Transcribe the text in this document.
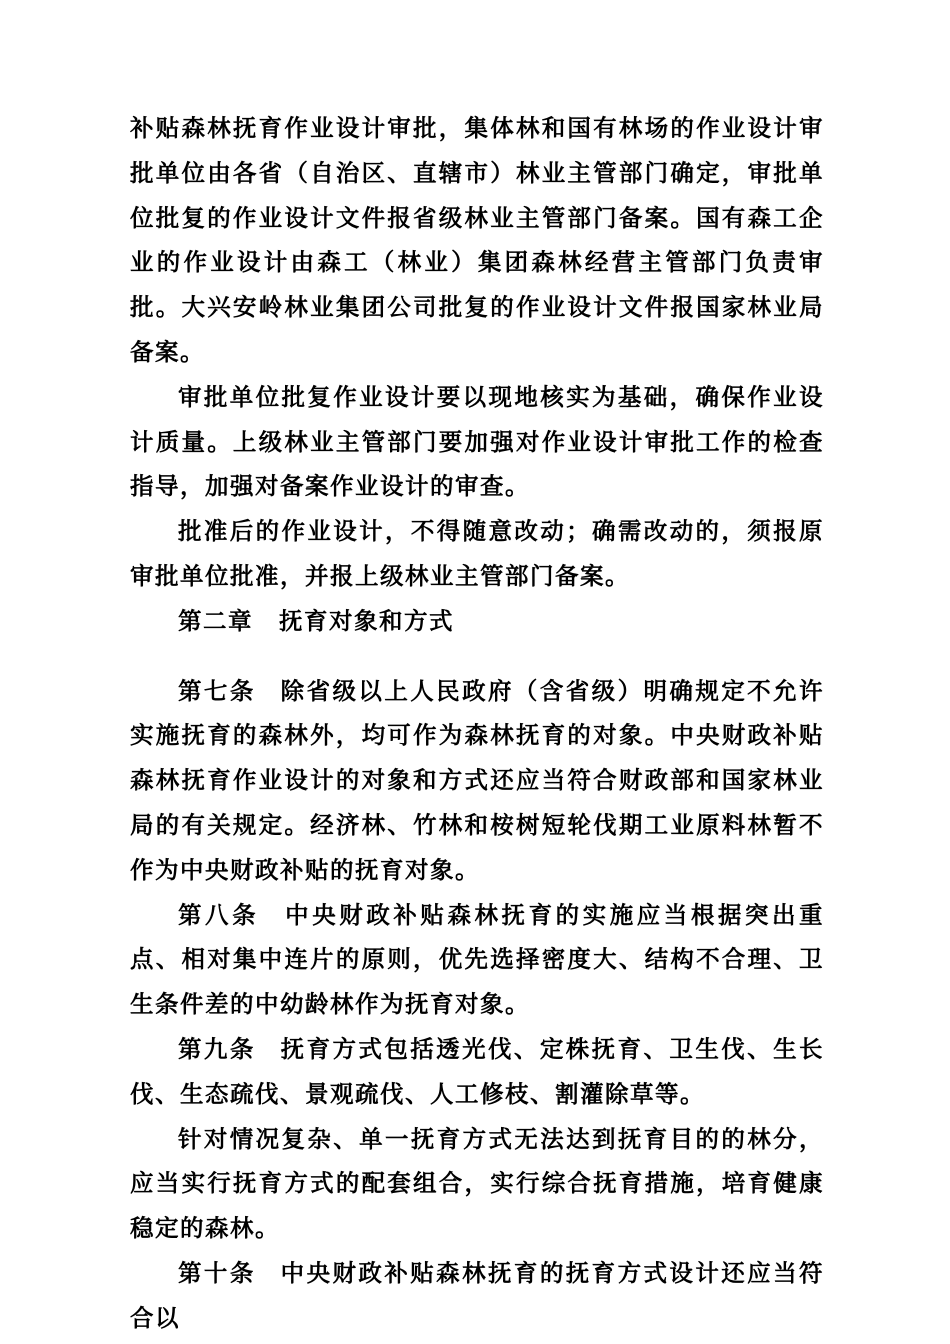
补贴森林抚育作业设计审批，集体林和国有林场的作业设计审批单位由各省（自治区、直辖市）林业主管部门确定，审批单位批复的作业设计文件报省级林业主管部门备案。国有森工企业的作业设计由森工（林业）集团森林经营主管部门负责审批。大兴安岭林业集团公司批复的作业设计文件报国家林业局备案。

审批单位批复作业设计要以现地核实为基础，确保作业设计质量。上级林业主管部门要加强对作业设计审批工作的检查指导，加强对备案作业设计的审查。

批准后的作业设计，不得随意改动；确需改动的，须报原审批单位批准，并报上级林业主管部门备案。

第二章 抚育对象和方式

第七条 除省级以上人民政府（含省级）明确规定不允许实施抚育的森林外，均可作为森林抚育的对象。中央财政补贴森林抚育作业设计的对象和方式还应当符合财政部和国家林业局的有关规定。经济林、竹林和桉树短轮伐期工业原料林暂不作为中央财政补贴的抚育对象。

第八条 中央财政补贴森林抚育的实施应当根据突出重点、相对集中连片的原则，优先选择密度大、结构不合理、卫生条件差的中幼龄林作为抚育对象。

第九条 抚育方式包括透光伐、定株抚育、卫生伐、生长伐、生态疏伐、景观疏伐、人工修枝、割灌除草等。

针对情况复杂、单一抚育方式无法达到抚育目的的林分，应当实行抚育方式的配套组合，实行综合抚育措施，培育健康稳定的森林。

第十条 中央财政补贴森林抚育的抚育方式设计还应当符合以
